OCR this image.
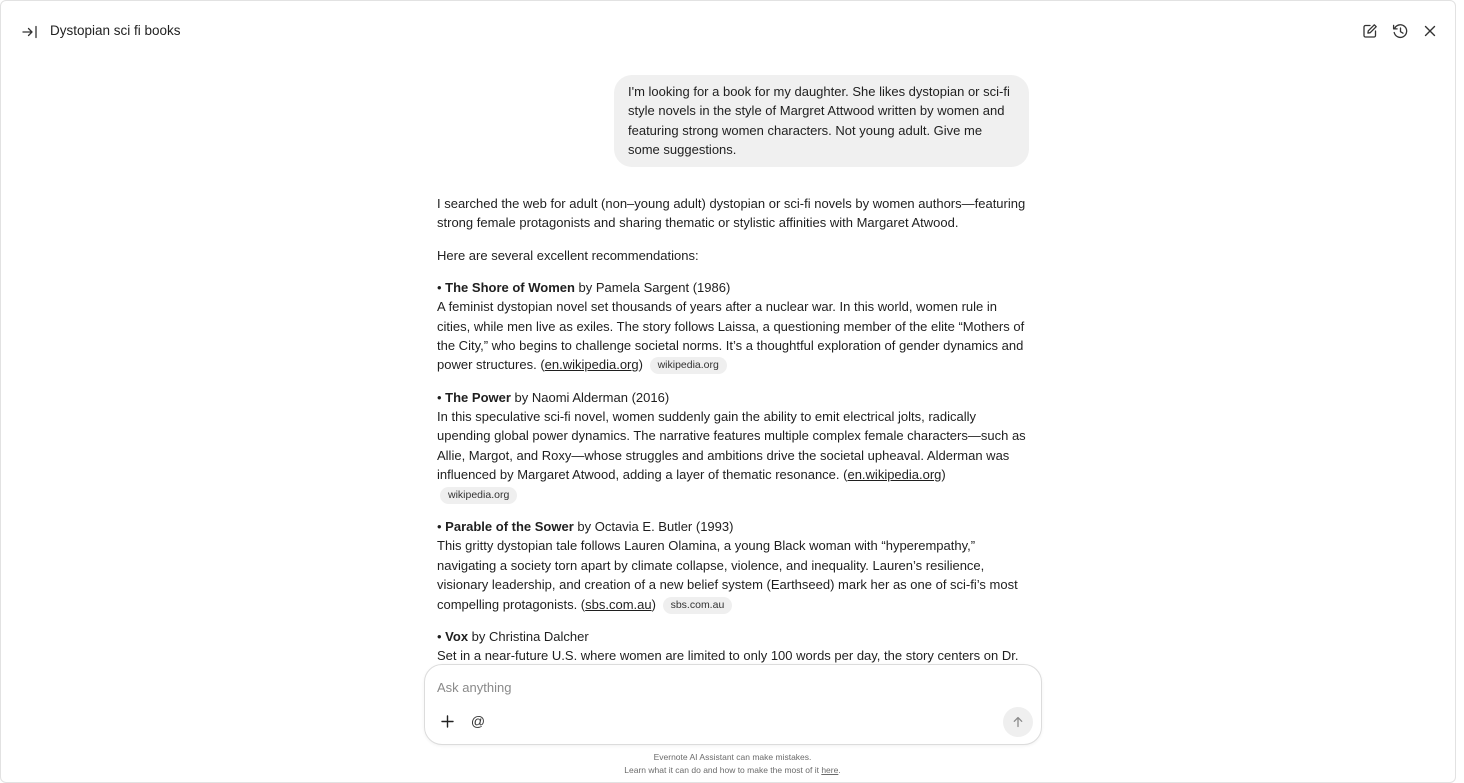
Dystopian sci fi books
I'm looking for a book for my daughter. She likes dystopian or sci-fi style novels in the style of Margret Attwood written by women and featuring strong women characters. Not young adult. Give me some suggestions.

I searched the web for adult (non–young adult) dystopian or sci-fi novels by women authors—featuring strong female protagonists and sharing thematic or stylistic affinities with Margaret Atwood.

Here are several excellent recommendations:

• The Shore of Women by Pamela Sargent (1986)
A feminist dystopian novel set thousands of years after a nuclear war. In this world, women rule in cities, while men live as exiles. The story follows Laissa, a questioning member of the elite “Mothers of the City,” who begins to challenge societal norms. It’s a thoughtful exploration of gender dynamics and power structures. (en.wikipedia.org) wikipedia.org

• The Power by Naomi Alderman (2016)
In this speculative sci-fi novel, women suddenly gain the ability to emit electrical jolts, radically upending global power dynamics. The narrative features multiple complex female characters—such as Allie, Margot, and Roxy—whose struggles and ambitions drive the societal upheaval. Alderman was influenced by Margaret Atwood, adding a layer of thematic resonance. (en.wikipedia.org) wikipedia.org

• Parable of the Sower by Octavia E. Butler (1993)
This gritty dystopian tale follows Lauren Olamina, a young Black woman with “hyperempathy,” navigating a society torn apart by climate collapse, violence, and inequality. Lauren’s resilience, visionary leadership, and creation of a new belief system (Earthseed) mark her as one of sci-fi’s most compelling protagonists. (sbs.com.au) sbs.com.au

• Vox by Christina Dalcher
Set in a near-future U.S. where women are limited to only 100 words per day, the story centers on Dr.

Ask anything
@
Evernote AI Assistant can make mistakes.
Learn what it can do and how to make the most of it here.
